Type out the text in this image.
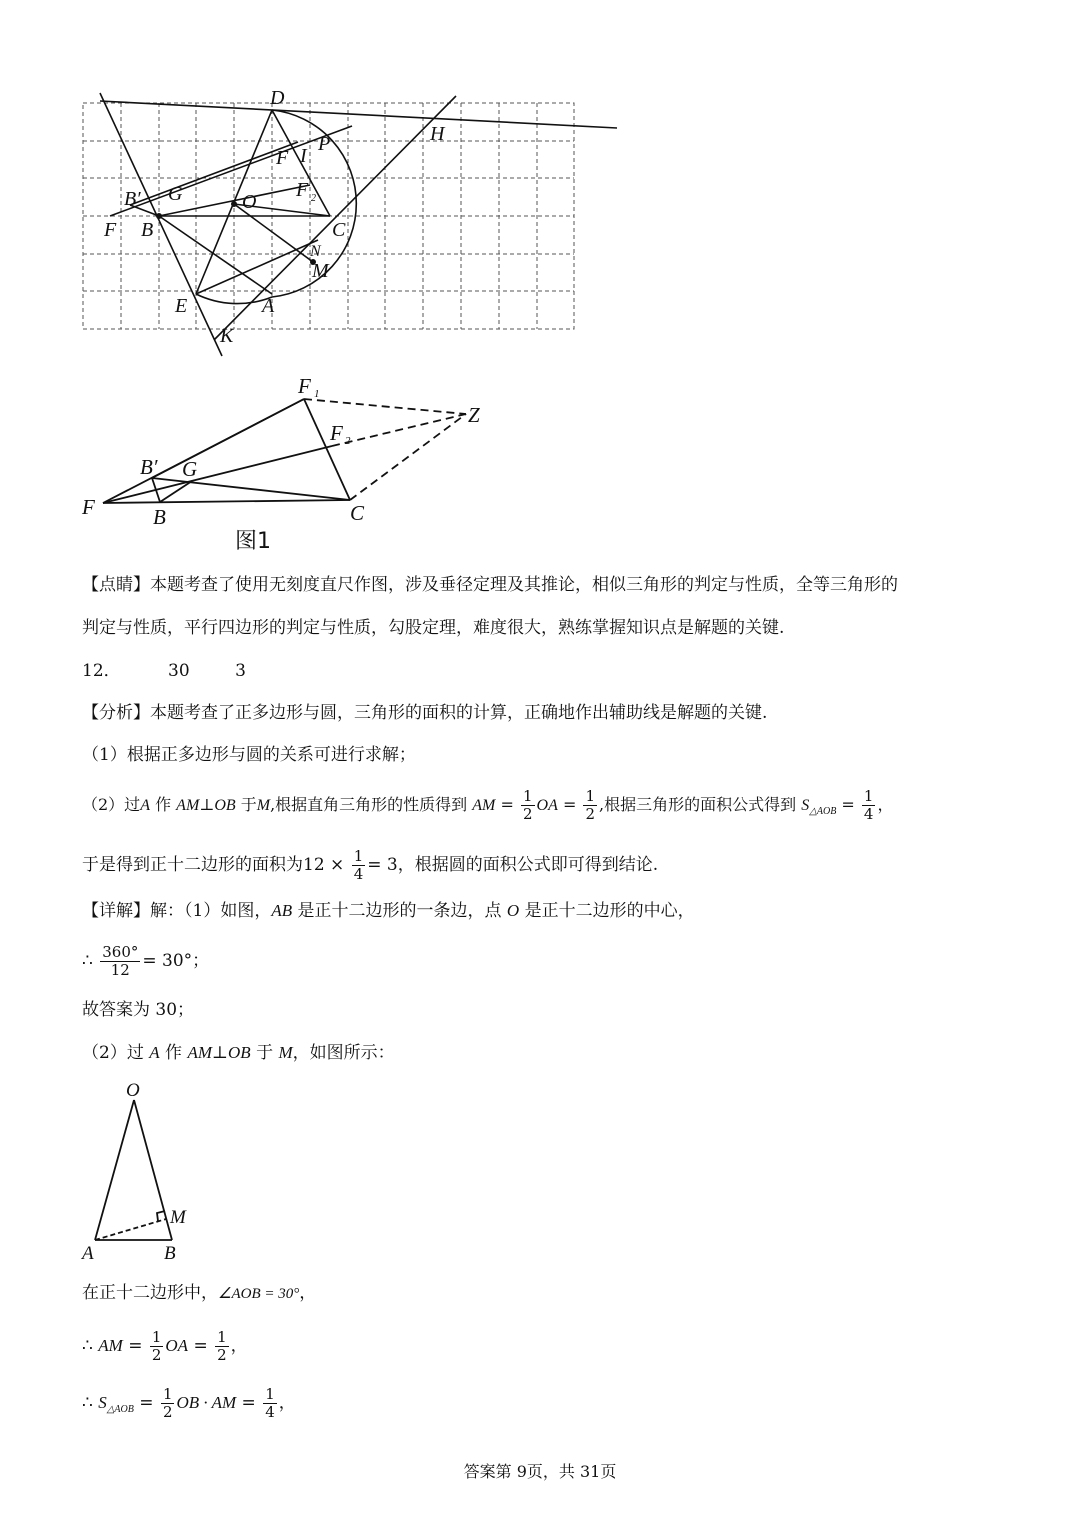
D
H
P
F I
F 2
B′ G	O
C
F B
N
M
E	A
K
F 1
Z
F 2
B′ G
F	B	C
图1
【点睛】本题考查了使用无刻度直尺作图，涉及垂径定理及其推论，相似三角形的判定与性质，全等三角形的
判定与性质，平行四边形的判定与性质，勾股定理，难度很大，熟练掌握知识点是解题的关键.
12．	30	3
【分析】本题考查了正多边形与圆，三角形的面积的计算，正确地作出辅助线是解题的关键.
（1）根据正多边形与圆的关系可进行求解；
（2）过A 作 AM⊥OB 于M,根据直角三角形的性质得到 AM = $\frac{1}{2}$ OA = $\frac{1}{2}$ ,根据三角形的面积公式得到 $S_{\triangle AOB} = \frac{1}{4}$ ，
于是得到正十二边形的面积为$12 \times \frac{1}{4} = 3$，根据圆的面积公式即可得到结论.
【详解】解：（1）如图，AB 是正十二边形的一条边，点 O 是正十二边形的中心，
∴ $\frac{360^\circ}{12} = 30^\circ$；
故答案为 30；
（2）过 A 作 AM⊥OB 于 M，如图所示：
O
M
A	B
在正十二边形中，∠AOB = 30°，
∴ AM = $\frac{1}{2}$ OA = $\frac{1}{2}$ ，
∴ $S_{\triangle AOB} = \frac{1}{2}$ OB · AM = $\frac{1}{4}$ ，
答案第 9页，共 31页
